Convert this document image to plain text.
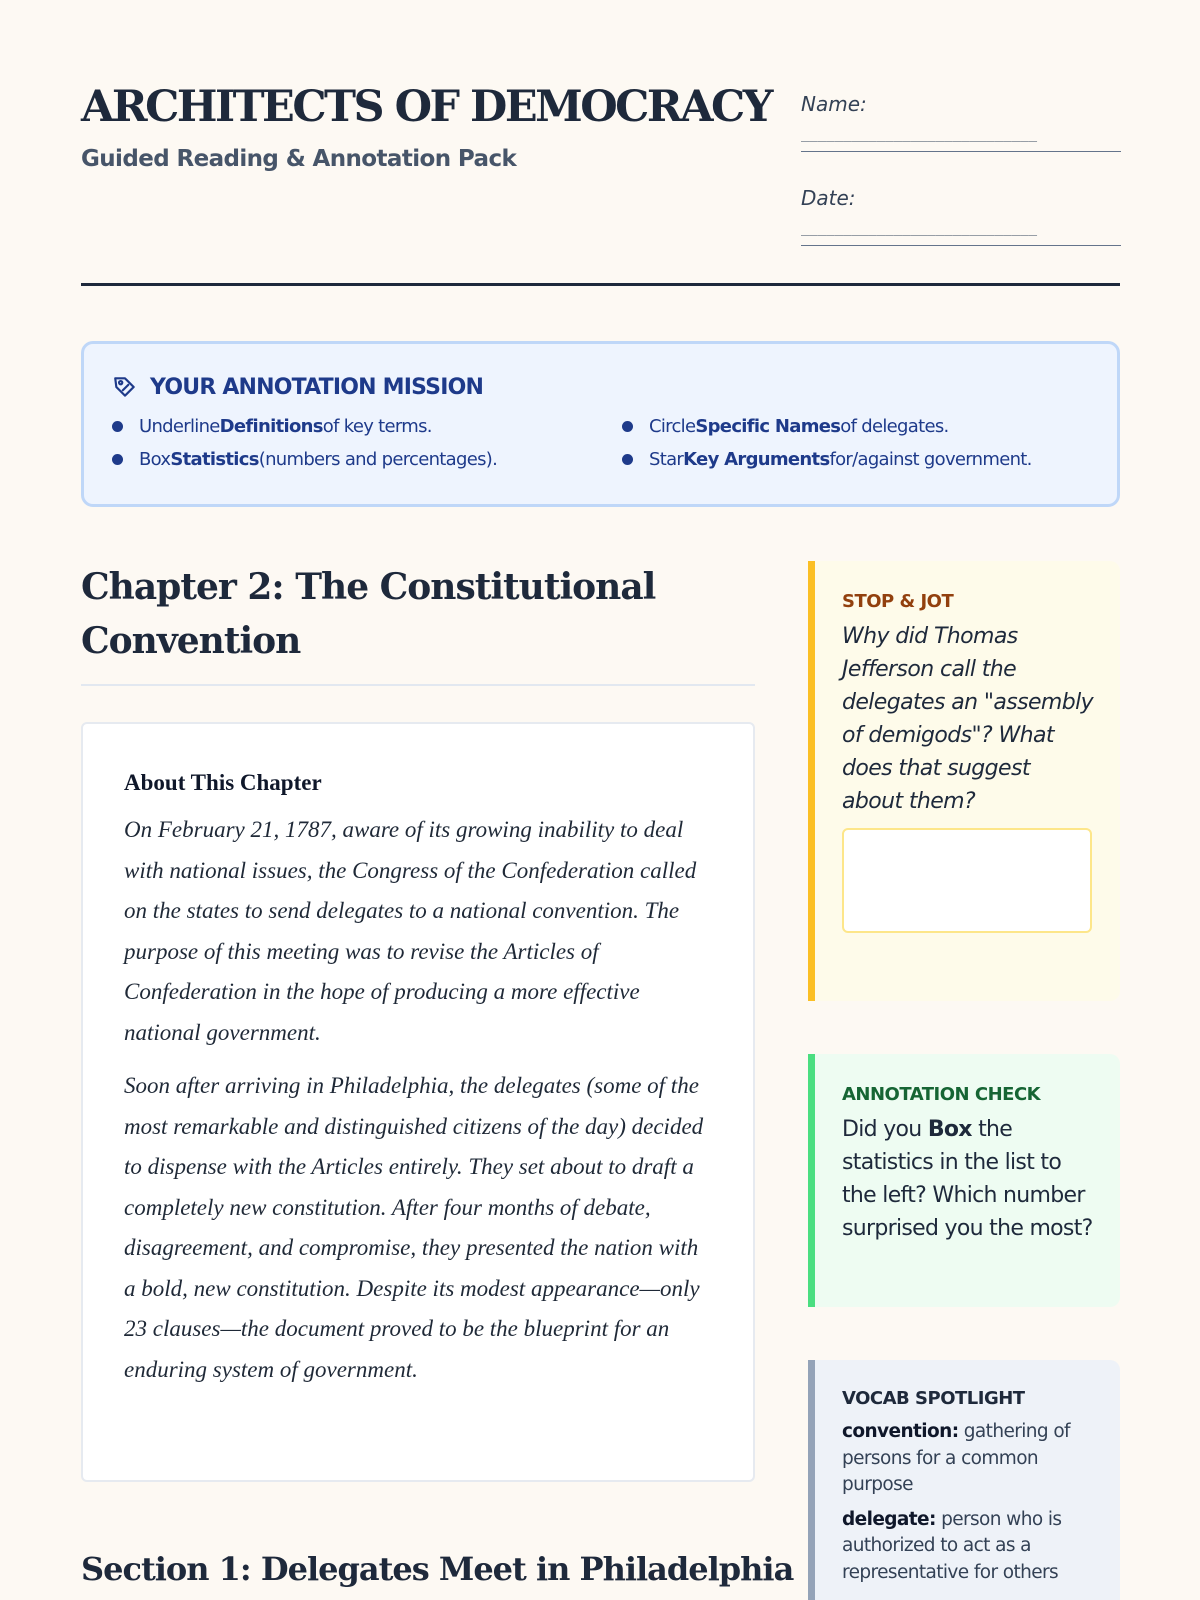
ARCHITECTS OF DEMOCRACY
Guided Reading & Annotation Pack
Name:
____________________________
Date:
____________________________
YOUR ANNOTATION MISSION
Underline Definitions of key terms.	Circle Specific Names of delegates.
Box Statistics (numbers and percentages).	Star Key Arguments for/against government.
Chapter 2: The Constitutional Convention
About This Chapter

On February 21, 1787, aware of its growing inability to deal with national issues, the Congress of the Confederation called on the states to send delegates to a national convention. The purpose of this meeting was to revise the Articles of Confederation in the hope of producing a more effective national government.

Soon after arriving in Philadelphia, the delegates (some of the most remarkable and distinguished citizens of the day) decided to dispense with the Articles entirely. They set about to draft a completely new constitution. After four months of debate, disagreement, and compromise, they presented the nation with a bold, new constitution. Despite its modest appearance—only 23 clauses—the document proved to be the blueprint for an enduring system of government.

Section 1: Delegates Meet in Philadelphia
STOP & JOT
Why did Thomas Jefferson call the delegates an "assembly of demigods"? What does that suggest about them?
ANNOTATION CHECK
Did you Box the statistics in the list to the left? Which number surprised you the most?
VOCAB SPOTLIGHT
convention: gathering of persons for a common purpose
delegate: person who is authorized to act as a representative for others
